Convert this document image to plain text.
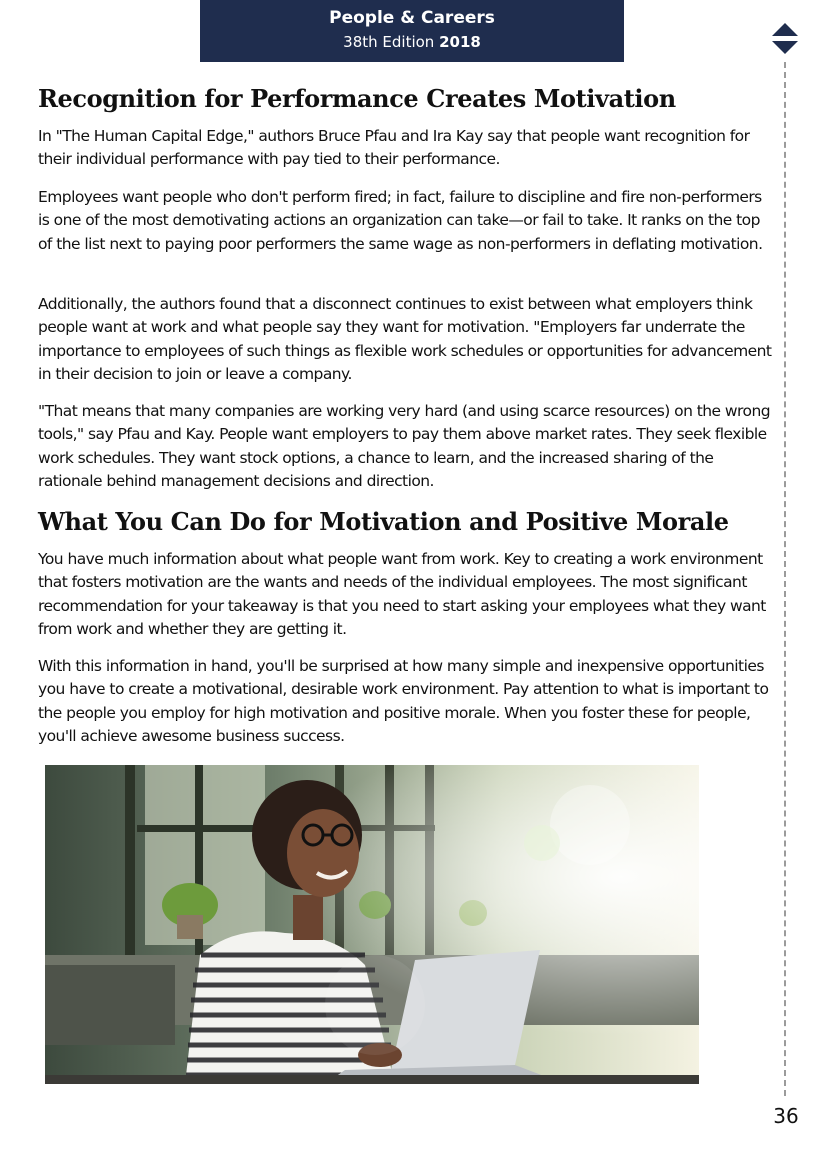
People & Careers
38th Edition 2018
Recognition for Performance Creates Motivation

In "The Human Capital Edge," authors Bruce Pfau and Ira Kay say that people want recognition for their individual performance with pay tied to their performance.

Employees want people who don't perform fired; in fact, failure to discipline and fire non-performers is one of the most demotivating actions an organization can take—or fail to take. It ranks on the top of the list next to paying poor performers the same wage as non-performers in deflating motivation.

Additionally, the authors found that a disconnect continues to exist between what employers think people want at work and what people say they want for motivation. "Employers far underrate the importance to employees of such things as flexible work schedules or opportunities for advancement in their decision to join or leave a company.

"That means that many companies are working very hard (and using scarce resources) on the wrong tools," say Pfau and Kay. People want employers to pay them above market rates. They seek flexible work schedules. They want stock options, a chance to learn, and the increased sharing of the rationale behind management decisions and direction.

What You Can Do for Motivation and Positive Morale

You have much information about what people want from work. Key to creating a work environment that fosters motivation are the wants and needs of the individual employees. The most significant recommendation for your takeaway is that you need to start asking your employees what they want from work and whether they are getting it.

With this information in hand, you'll be surprised at how many simple and inexpensive opportunities you have to create a motivational, desirable work environment. Pay attention to what is important to the people you employ for high motivation and positive morale. When you foster these for people, you'll achieve awesome business success.

36
